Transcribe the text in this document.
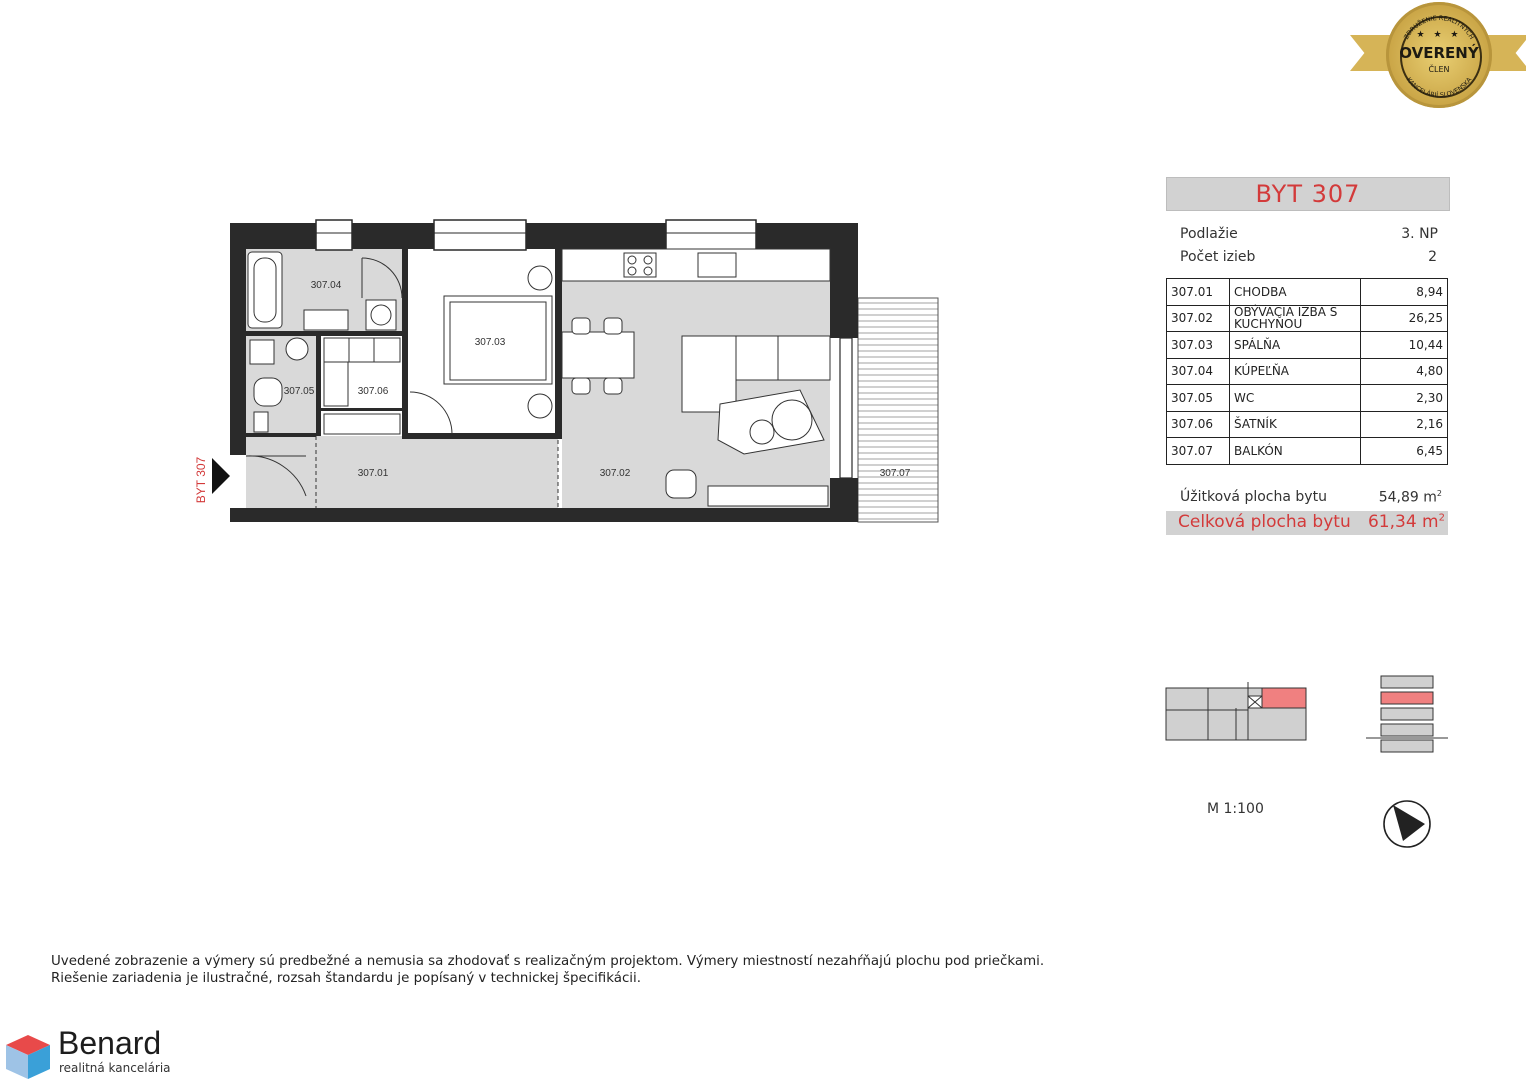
ZDRUŽENIE REALITNÝCH
KANCELÁRIÍ SLOVENSKA
★ ★ ★
OVERENÝ
ČLEN
BYT 307
Podlažie	3. NP
Počet izieb	2
307.01	CHODBA	8,94
307.02	OBÝVACIA IZBA S KUCHYŇOU	26,25
307.03	SPÁLŇA	10,44
307.04	KÚPEĽŇA	4,80
307.05	WC	2,30
307.06	ŠATNÍK	2,16
307.07	BALKÓN	6,45
Úžitková plocha bytu	54,89 $m^2$
Celková plocha bytu 61,34 $m^2$
307.04
307.03
307.05	307.06
307.01	307.02	307.07
BYT 307
M 1:100
Uvedené zobrazenie a výmery sú predbežné a nemusia sa zhodovať s realizačným projektom. Výmery miestností nezahŕňajú plochu pod priečkami.
Riešenie zariadenia je ilustračné, rozsah štandardu je popísaný v technickej špecifikácii.
Benard
realitná kancelária
